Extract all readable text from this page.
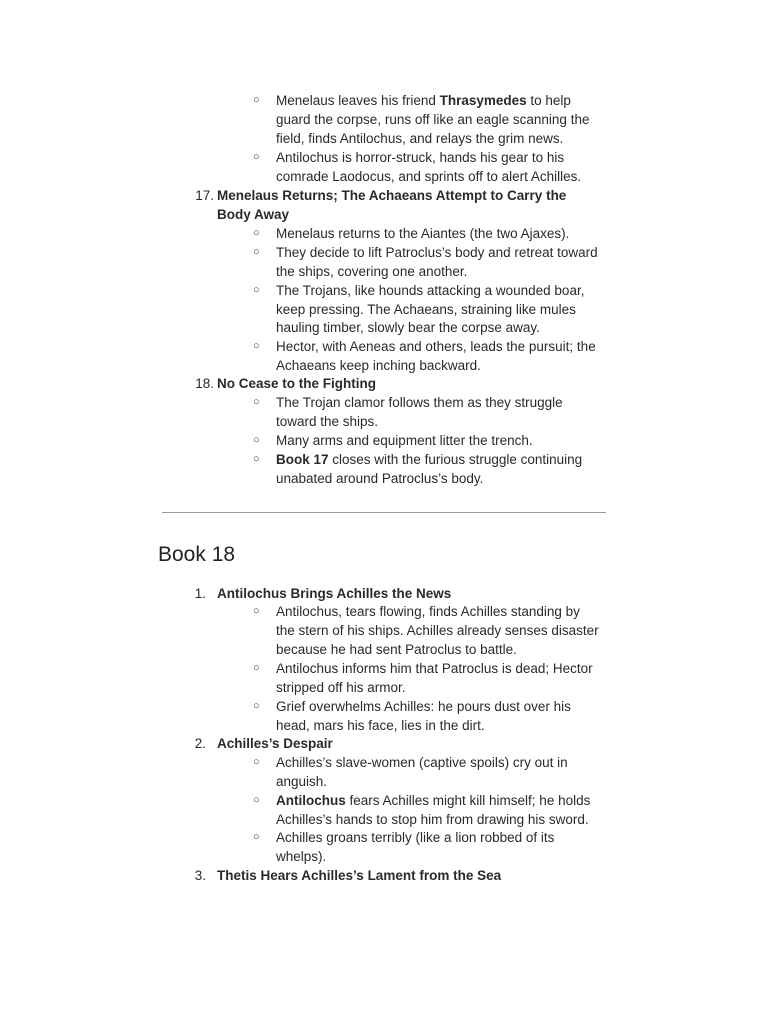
○ Menelaus leaves his friend Thrasymedes to help
guard the corpse, runs off like an eagle scanning the
field, finds Antilochus, and relays the grim news.
○ Antilochus is horror-struck, hands his gear to his
comrade Laodocus, and sprints off to alert Achilles.
17. Menelaus Returns; The Achaeans Attempt to Carry the
Body Away
○ Menelaus returns to the Aiantes (the two Ajaxes).
○ They decide to lift Patroclus’s body and retreat toward
the ships, covering one another.
○ The Trojans, like hounds attacking a wounded boar,
keep pressing. The Achaeans, straining like mules
hauling timber, slowly bear the corpse away.
○ Hector, with Aeneas and others, leads the pursuit; the
Achaeans keep inching backward.
18. No Cease to the Fighting
○ The Trojan clamor follows them as they struggle
toward the ships.
○ Many arms and equipment litter the trench.
○ Book 17 closes with the furious struggle continuing
unabated around Patroclus’s body.
Book 18
1. Antilochus Brings Achilles the News
○ Antilochus, tears flowing, finds Achilles standing by
the stern of his ships. Achilles already senses disaster
because he had sent Patroclus to battle.
○ Antilochus informs him that Patroclus is dead; Hector
stripped off his armor.
○ Grief overwhelms Achilles: he pours dust over his
head, mars his face, lies in the dirt.
2. Achilles’s Despair
○ Achilles’s slave-women (captive spoils) cry out in
anguish.
○ Antilochus fears Achilles might kill himself; he holds
Achilles’s hands to stop him from drawing his sword.
○ Achilles groans terribly (like a lion robbed of its
whelps).
3. Thetis Hears Achilles’s Lament from the Sea
